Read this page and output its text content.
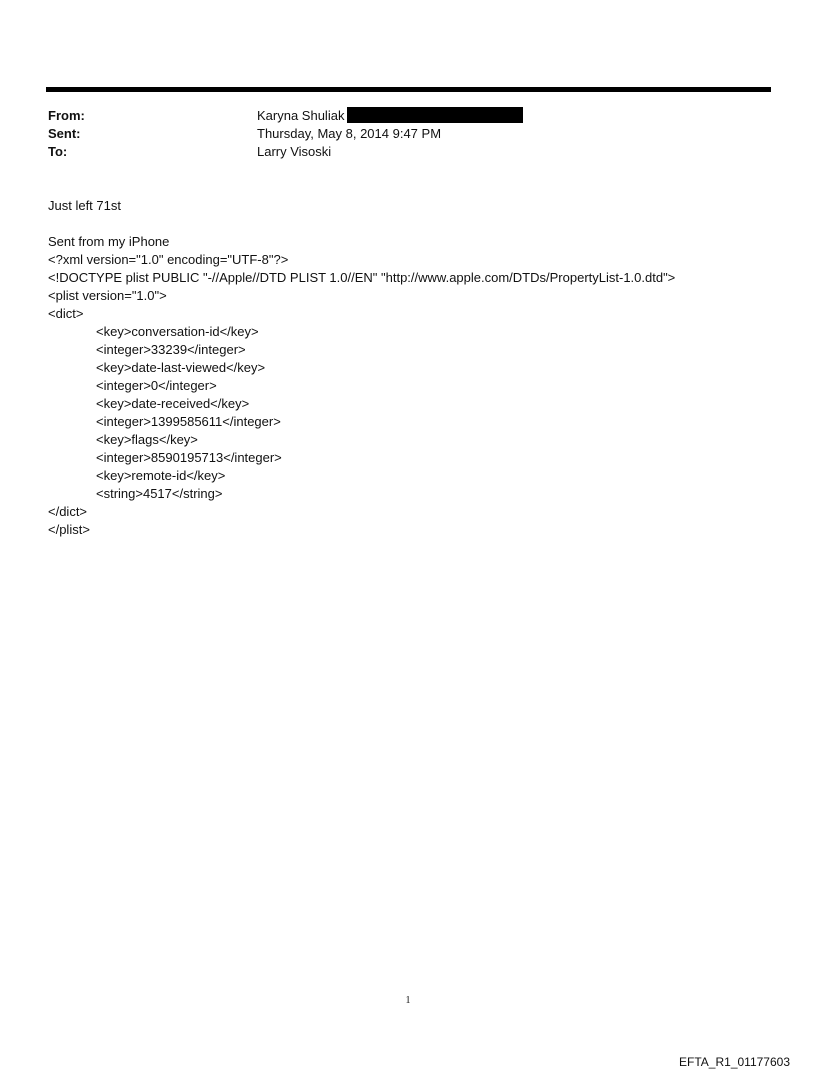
From:	Karyna Shuliak
Sent:	Thursday, May 8, 2014 9:47 PM
To:	Larry Visoski
Just left 71st
Sent from my iPhone
<?xml version="1.0" encoding="UTF-8"?>
<!DOCTYPE plist PUBLIC "-//Apple//DTD PLIST 1.0//EN" "http://www.apple.com/DTDs/PropertyList-1.0.dtd">
<plist version="1.0">
<dict>
<key>conversation-id</key>
<integer>33239</integer>
<key>date-last-viewed</key>
<integer>0</integer>
<key>date-received</key>
<integer>1399585611</integer>
<key>flags</key>
<integer>8590195713</integer>
<key>remote-id</key>
<string>4517</string>
</dict>
</plist>
1
EFTA_R1_01177603
